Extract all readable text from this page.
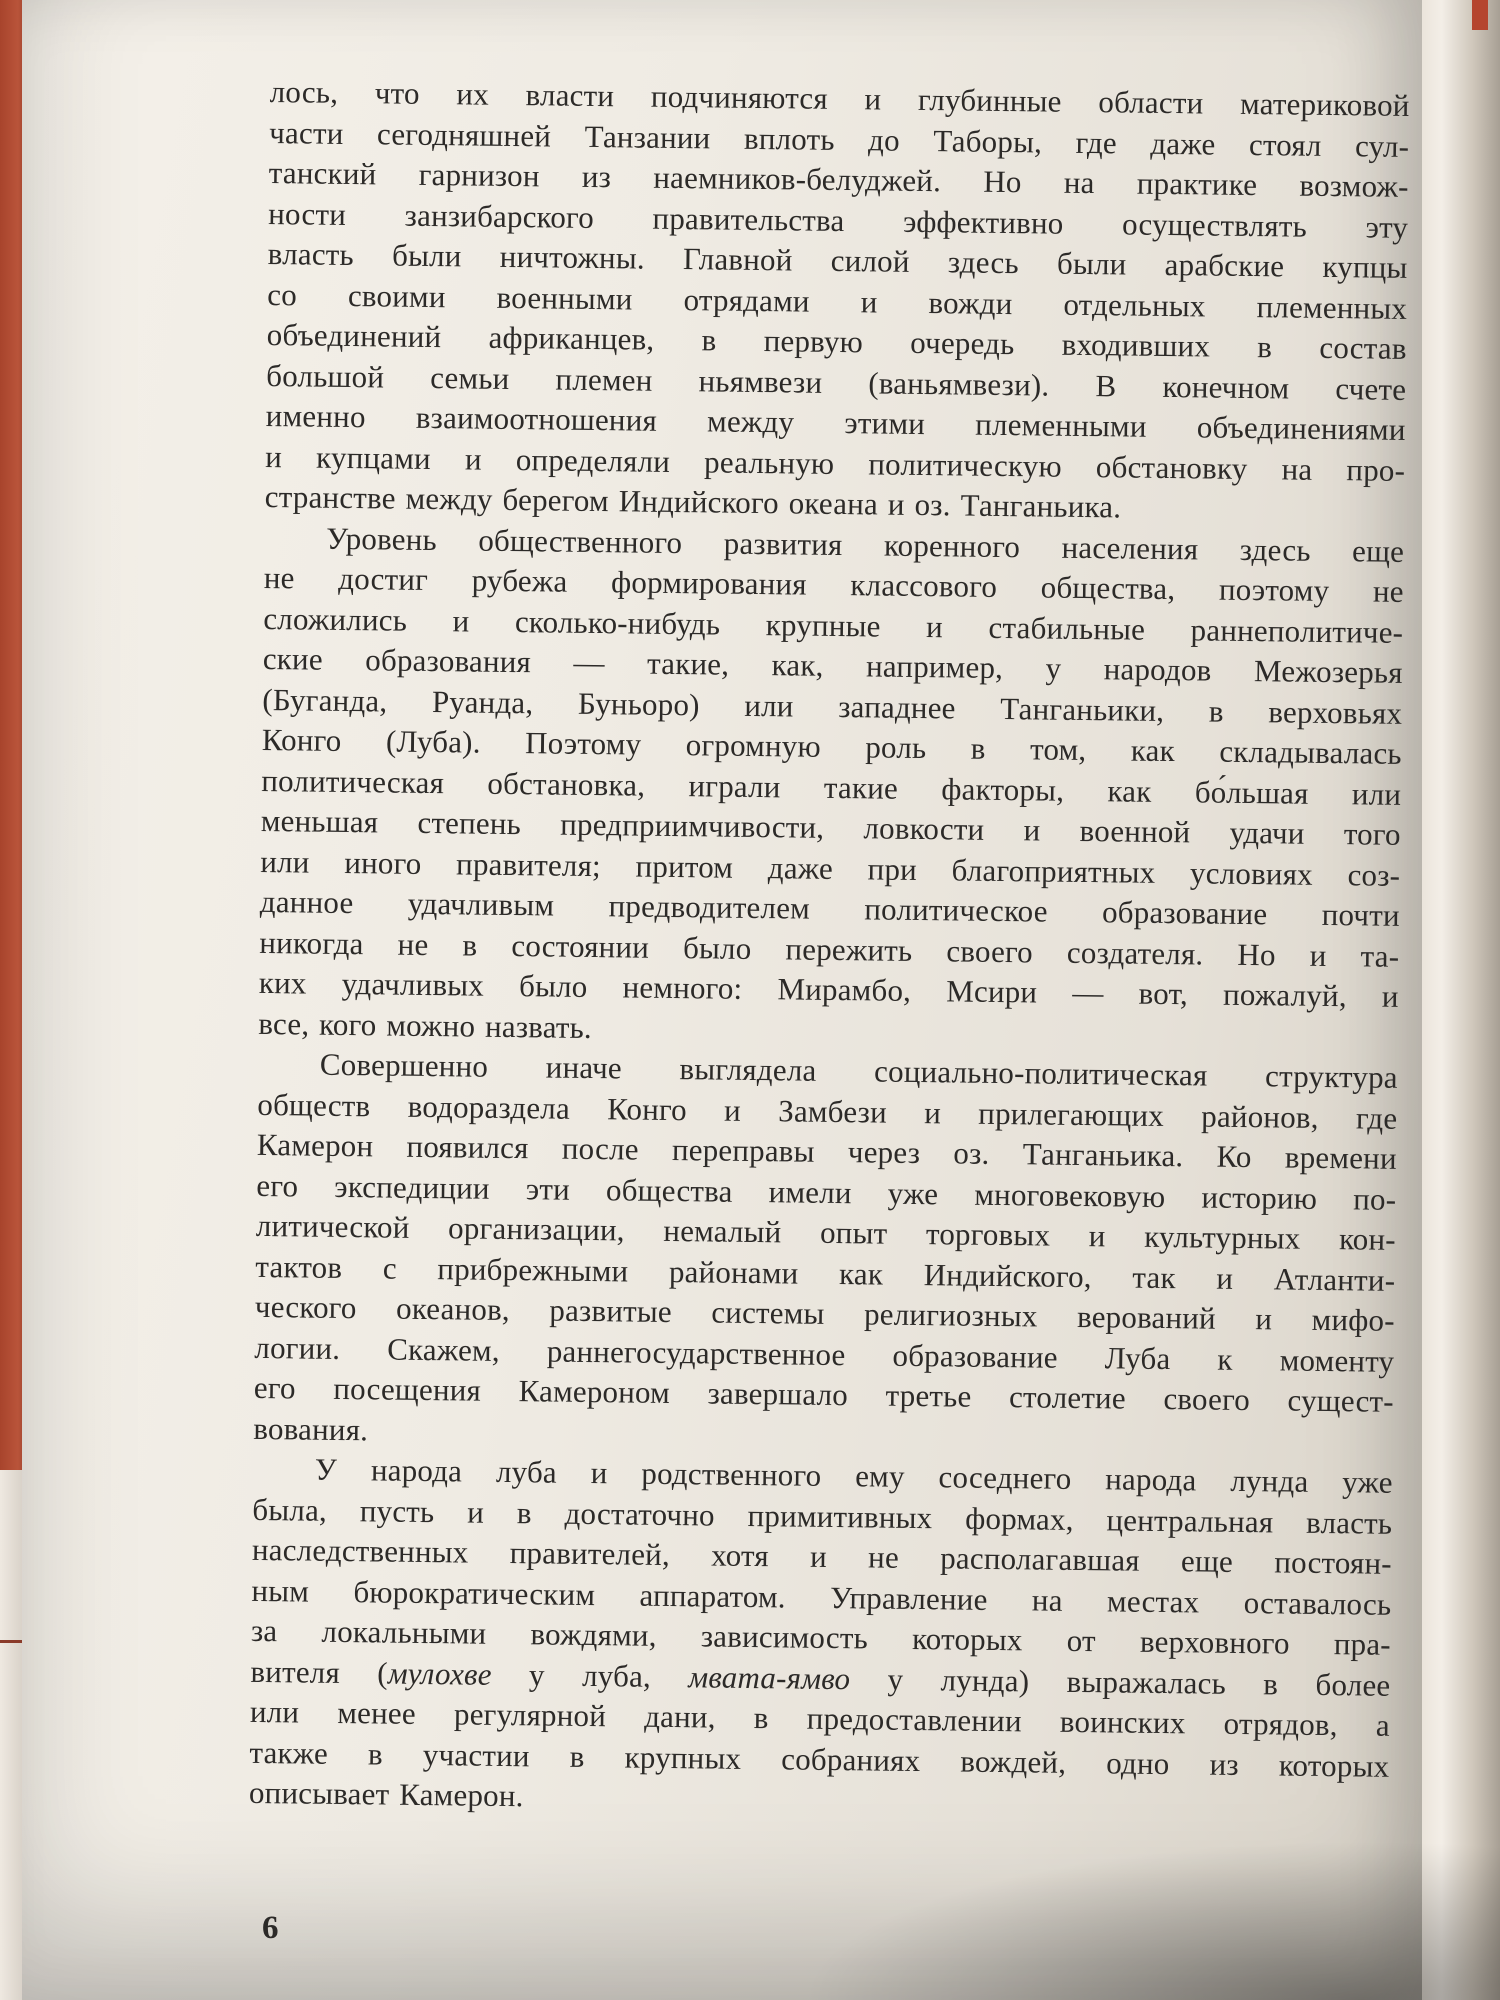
лось, что их власти подчиняются и глубинные области материковой
части сегодняшней Танзании вплоть до Таборы, где даже стоял сул-
танский гарнизон из наемников-белуджей. Но на практике возмож-
ности занзибарского правительства эффективно осуществлять эту
власть были ничтожны. Главной силой здесь были арабские купцы
со своими военными отрядами и вожди отдельных племенных
объединений африканцев, в первую очередь входивших в состав
большой семьи племен ньямвези (ваньямвези). В конечном счете
именно взаимоотношения между этими племенными объединениями
и купцами и определяли реальную политическую обстановку на про-
странстве между берегом Индийского океана и оз. Танганьика.
Уровень общественного развития коренного населения здесь еще
не достиг рубежа формирования классового общества, поэтому не
сложились и сколько-нибудь крупные и стабильные раннеполитиче-
ские образования — такие, как, например, у народов Межозерья
(Буганда, Руанда, Буньоро) или западнее Танганьики, в верховьях
Конго (Луба). Поэтому огромную роль в том, как складывалась
политическая обстановка, играли такие факторы, как бо́льшая или
меньшая степень предприимчивости, ловкости и военной удачи того
или иного правителя; притом даже при благоприятных условиях соз-
данное удачливым предводителем политическое образование почти
никогда не в состоянии было пережить своего создателя. Но и та-
ких удачливых было немного: Мирамбо, Мсири — вот, пожалуй, и
все, кого можно назвать.
Совершенно иначе выглядела социально-политическая структура
обществ водораздела Конго и Замбези и прилегающих районов, где
Камерон появился после переправы через оз. Танганьика. Ко времени
его экспедиции эти общества имели уже многовековую историю по-
литической организации, немалый опыт торговых и культурных кон-
тактов с прибрежными районами как Индийского, так и Атланти-
ческого океанов, развитые системы религиозных верований и мифо-
логии. Скажем, раннегосударственное образование Луба к моменту
его посещения Камероном завершало третье столетие своего сущест-
вования.
У народа луба и родственного ему соседнего народа лунда уже
была, пусть и в достаточно примитивных формах, центральная власть
наследственных правителей, хотя и не располагавшая еще постоян-
ным бюрократическим аппаратом. Управление на местах оставалось
за локальными вождями, зависимость которых от верховного пра-
вителя (мулохве у луба, мвата-ямво у лунда) выражалась в более
или менее регулярной дани, в предоставлении воинских отрядов, а
также в участии в крупных собраниях вождей, одно из которых
описывает Камерон.
6
